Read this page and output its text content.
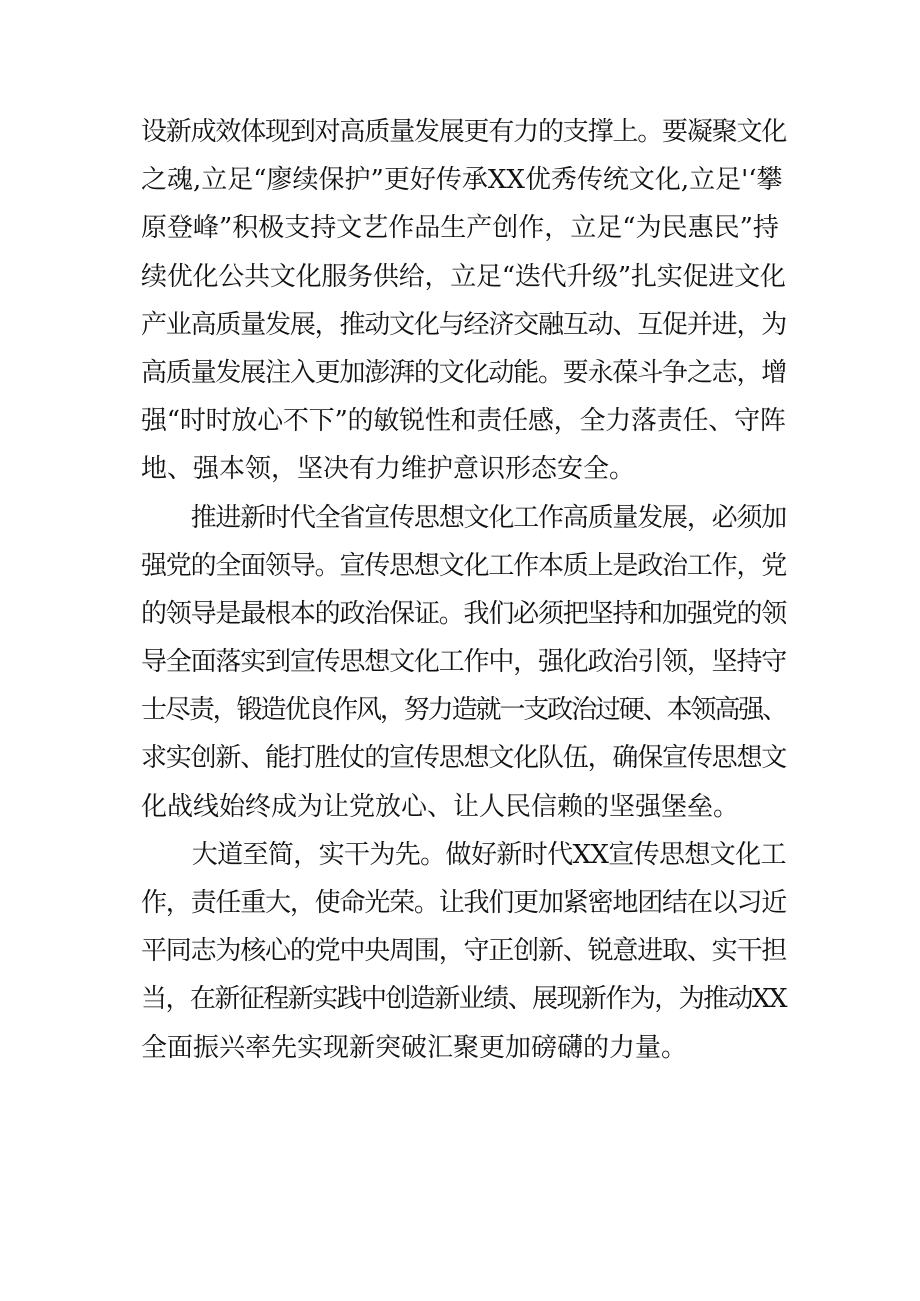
设新成效体现到对高质量发展更有力的支撑上。要凝聚文化
之魂,立足“廖续保护”更好传承XX优秀传统文化,立足'‘攀
原登峰”积极支持文艺作品生产创作，立足“为民惠民”持
续优化公共文化服务供给，立足“迭代升级”扎实促进文化
产业高质量发展，推动文化与经济交融互动、互促并进，为
高质量发展注入更加澎湃的文化动能。要永葆斗争之志，增
强“时时放心不下”的敏锐性和责任感，全力落责任、守阵
地、强本领，坚决有力维护意识形态安全。
　　推进新时代全省宣传思想文化工作高质量发展，必须加
强党的全面领导。宣传思想文化工作本质上是政治工作，党
的领导是最根本的政治保证。我们必须把坚持和加强党的领
导全面落实到宣传思想文化工作中，强化政治引领，坚持守
士尽责，锻造优良作风，努力造就一支政治过硬、本领高强、
求实创新、能打胜仗的宣传思想文化队伍，确保宣传思想文
化战线始终成为让党放心、让人民信赖的坚强堡垒。
　　大道至简，实干为先。做好新时代XX宣传思想文化工
作，责任重大，使命光荣。让我们更加紧密地团结在以习近
平同志为核心的党中央周围，守正创新、锐意进取、实干担
当，在新征程新实践中创造新业绩、展现新作为，为推动XX
全面振兴率先实现新突破汇聚更加磅礴的力量。
